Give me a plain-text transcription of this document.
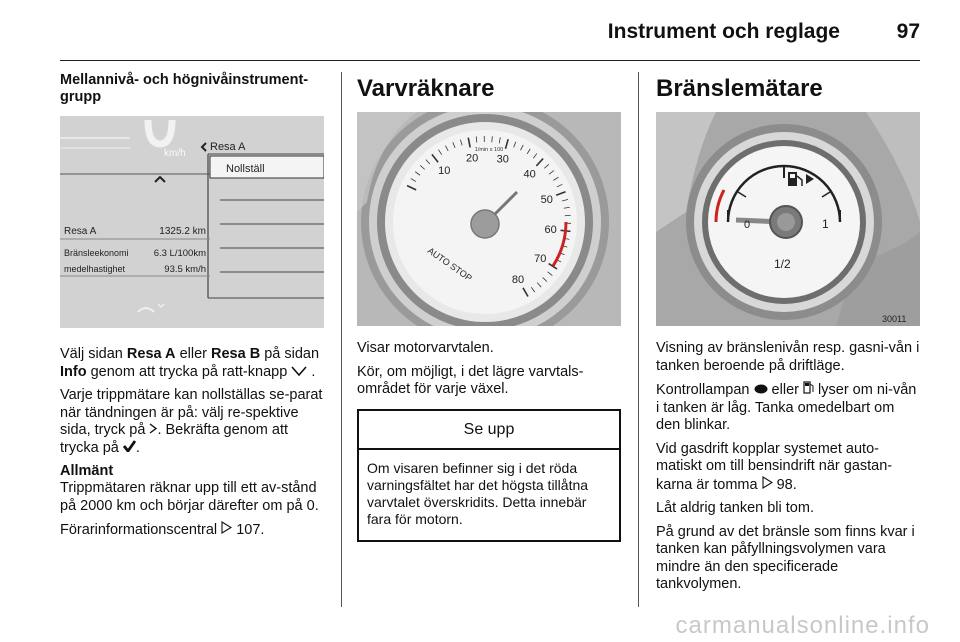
Instrument och reglage	97
Mellannivå- och högnivåinstrument-grupp
km/h
Resa A
Nollställ
Resa A	1325.2 km
Bränsleekonomi	6.3 L/100km
medelhastighet	93.5 km/h

Välj sidan Resa A eller Resa B på sidan Info genom att trycka på ratt-knapp  .

Varje trippmätare kan nollställas se-parat när tändningen är på: välj re-spektive sida, tryck på . Bekräfta genom att trycka på .

Allmänt

Trippmätaren räknar upp till ett av-stånd på 2000 km och börjar därefter om på 0.

Förarinformationscentral  107.

Varvräknare
10
20 30
40
50
60
70
80
1/min x 100
AUTO STOP

Visar motorvarvtalen.

Kör, om möjligt, i det lägre varvtals-området för varje växel.

Se upp
Om visaren befinner sig i det röda varningsfältet har det högsta tillåtna varvtalet överskridits. Detta innebär fara för motorn.
Bränslemätare
0	1
1/2
30011

Visning av bränslenivån resp. gasni-vån i tanken beroende på driftläge.

Kontrollampan  eller  lyser om ni-vån i tanken är låg. Tanka omedelbart om den blinkar.

Vid gasdrift kopplar systemet auto-matiskt om till bensindrift när gastan-karna är tomma  98.

Låt aldrig tanken bli tom.

På grund av det bränsle som finns kvar i tanken kan påfyllningsvolymen vara mindre än den specificerade tankvolymen.

carmanualsonline.info
